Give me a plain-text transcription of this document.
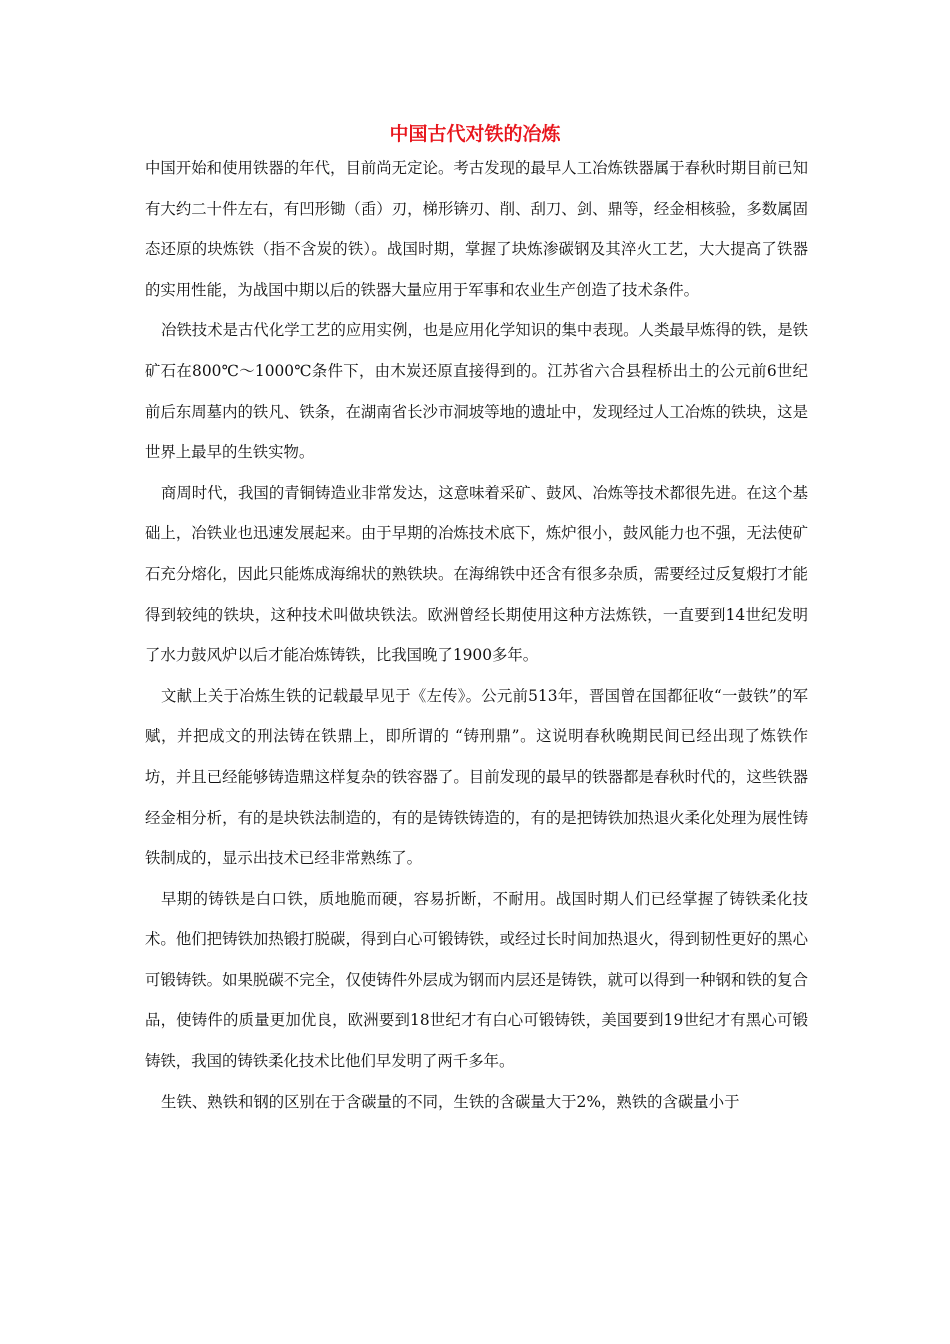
中国古代对铁的冶炼

中国开始和使用铁器的年代，目前尚无定论。考古发现的最早人工冶炼铁器属于春秋时期目前已知有大约二十件左右，有凹形锄（臿）刃，梯形锛刃、削、刮刀、剑、鼎等，经金相核验，多数属固态还原的块炼铁（指不含炭的铁）。战国时期，掌握了块炼渗碳钢及其淬火工艺，大大提高了铁器的实用性能，为战国中期以后的铁器大量应用于军事和农业生产创造了技术条件。

冶铁技术是古代化学工艺的应用实例，也是应用化学知识的集中表现。人类最早炼得的铁，是铁矿石在800℃～1000℃条件下，由木炭还原直接得到的。江苏省六合县程桥出土的公元前6世纪前后东周墓内的铁凡、铁条，在湖南省长沙市洞坡等地的遗址中，发现经过人工冶炼的铁块，这是世界上最早的生铁实物。

商周时代，我国的青铜铸造业非常发达，这意味着采矿、鼓风、冶炼等技术都很先进。在这个基础上，冶铁业也迅速发展起来。由于早期的冶炼技术底下，炼炉很小，鼓风能力也不强，无法使矿石充分熔化，因此只能炼成海绵状的熟铁块。在海绵铁中还含有很多杂质，需要经过反复煅打才能得到较纯的铁块，这种技术叫做块铁法。欧洲曾经长期使用这种方法炼铁，一直要到14世纪发明了水力鼓风炉以后才能冶炼铸铁，比我国晚了1900多年。

文献上关于冶炼生铁的记载最早见于《左传》。公元前513年，晋国曾在国都征收“一鼓铁”的军赋，并把成文的刑法铸在铁鼎上，即所谓的 “铸刑鼎”。这说明春秋晚期民间已经出现了炼铁作坊，并且已经能够铸造鼎这样复杂的铁容器了。目前发现的最早的铁器都是春秋时代的，这些铁器经金相分析，有的是块铁法制造的，有的是铸铁铸造的，有的是把铸铁加热退火柔化处理为展性铸铁制成的，显示出技术已经非常熟练了。

早期的铸铁是白口铁，质地脆而硬，容易折断，不耐用。战国时期人们已经掌握了铸铁柔化技术。他们把铸铁加热锻打脱碳，得到白心可锻铸铁，或经过长时间加热退火，得到韧性更好的黑心可锻铸铁。如果脱碳不完全，仅使铸件外层成为钢而内层还是铸铁，就可以得到一种钢和铁的复合品，使铸件的质量更加优良，欧洲要到18世纪才有白心可锻铸铁，美国要到19世纪才有黑心可锻铸铁，我国的铸铁柔化技术比他们早发明了两千多年。

生铁、熟铁和钢的区别在于含碳量的不同，生铁的含碳量大于2%，熟铁的含碳量小于
